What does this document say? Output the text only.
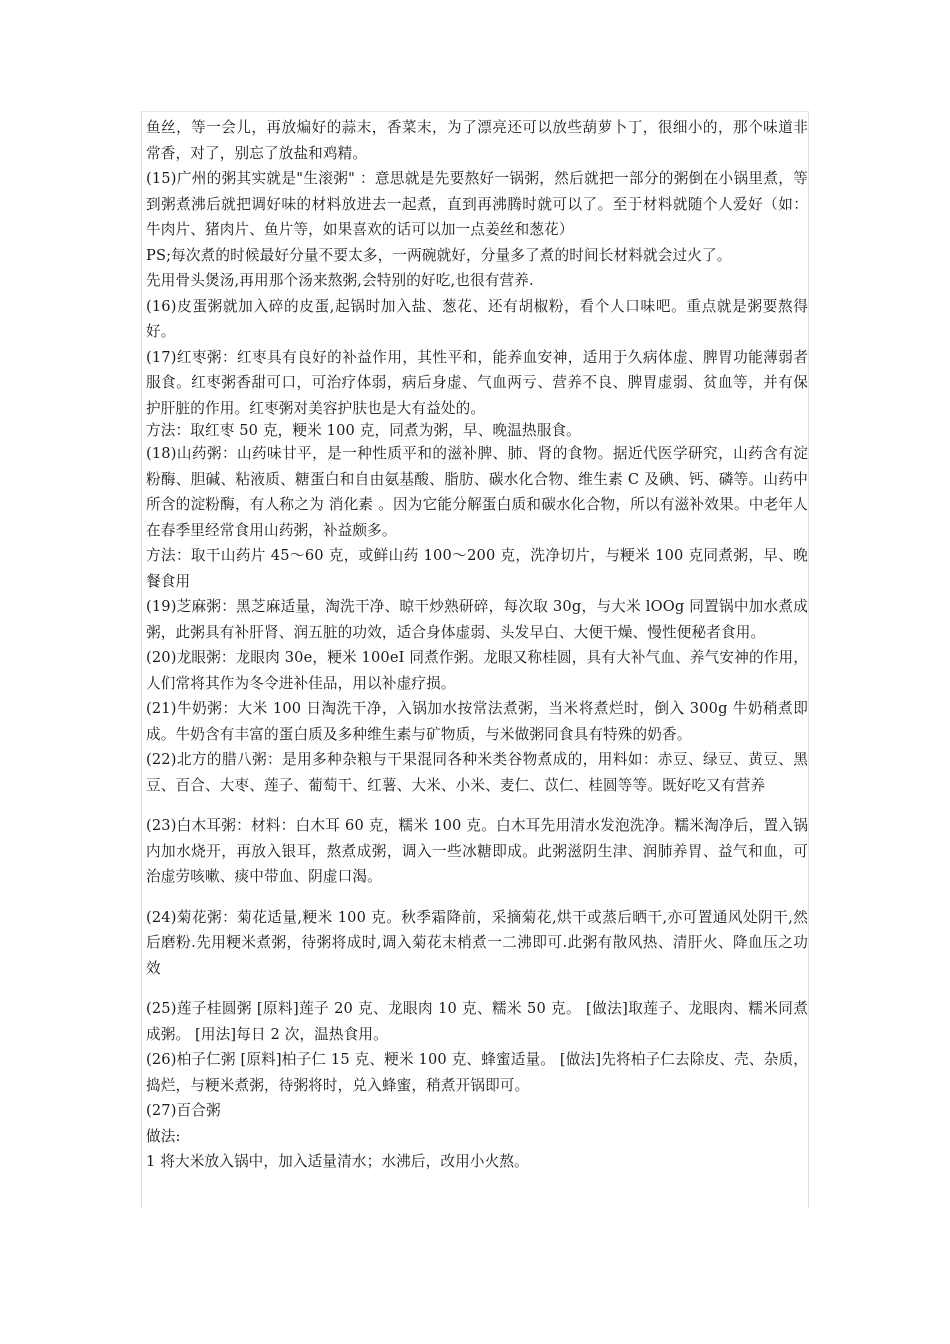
鱼丝，等一会儿，再放煸好的蒜末，香菜末，为了漂亮还可以放些葫萝卜丁，很细小的，那个味道非常香，对了，别忘了放盐和鸡精。

(15)广州的粥其实就是"生滚粥" ：意思就是先要熬好一锅粥，然后就把一部分的粥倒在小锅里煮，等到粥煮沸后就把调好味的材料放进去一起煮，直到再沸腾时就可以了。至于材料就随个人爱好（如：牛肉片、猪肉片、鱼片等，如果喜欢的话可以加一点姜丝和葱花）

PS;每次煮的时候最好分量不要太多，一两碗就好，分量多了煮的时间长材料就会过火了。

先用骨头煲汤,再用那个汤来熬粥,会特别的好吃,也很有营养.

(16)皮蛋粥就加入碎的皮蛋,起锅时加入盐、葱花、还有胡椒粉，看个人口味吧。重点就是粥要熬得好。

(17)红枣粥：红枣具有良好的补益作用，其性平和，能养血安神，适用于久病体虚、脾胃功能薄弱者服食。红枣粥香甜可口，可治疗体弱，病后身虚、气血两亏、营养不良、脾胃虚弱、贫血等，并有保护肝脏的作用。红枣粥对美容护肤也是大有益处的。

方法：取红枣 50 克，粳米 100 克，同煮为粥，早、晚温热服食。

(18)山药粥：山药味甘平，是一种性质平和的滋补脾、肺、肾的食物。据近代医学研究，山药含有淀粉酶、胆碱、粘液质、糖蛋白和自由氨基酸、脂肪、碳水化合物、维生素 C 及碘、钙、磷等。山药中所含的淀粉酶，有人称之为 消化素 。因为它能分解蛋白质和碳水化合物，所以有滋补效果。中老年人在春季里经常食用山药粥，补益颇多。

方法：取干山药片 45～60 克，或鲜山药 100～200 克，洗净切片，与粳米 100 克同煮粥，早、晚餐食用

(19)芝麻粥：黑芝麻适量，淘洗干净、晾干炒熟研碎，每次取 30g，与大米 lOOg 同置锅中加水煮成粥，此粥具有补肝肾、润五脏的功效，适合身体虚弱、头发早白、大便干燥、慢性便秘者食用。

(20)龙眼粥：龙眼肉 30e，粳米 100eI 同煮作粥。龙眼又称桂圆，具有大补气血、养气安神的作用，人们常将其作为冬令进补佳品，用以补虚疗损。

(21)牛奶粥：大米 100 日淘洗干净，入锅加水按常法煮粥，当米将煮烂时，倒入 300g 牛奶稍煮即成。牛奶含有丰富的蛋白质及多种维生素与矿物质，与米做粥同食具有特殊的奶香。

(22)北方的腊八粥：是用多种杂粮与干果混同各种米类谷物煮成的，用料如：赤豆、绿豆、黄豆、黑豆、百合、大枣、莲子、葡萄干、红薯、大米、小米、麦仁、苡仁、桂圆等等。既好吃又有营养

(23)白木耳粥：材料：白木耳 60 克，糯米 100 克。白木耳先用清水发泡洗净。糯米淘净后，置入锅内加水烧开，再放入银耳，熬煮成粥，调入一些冰糖即成。此粥滋阴生津、润肺养胃、益气和血，可治虚劳咳嗽、痰中带血、阴虚口渴。

(24)菊花粥：菊花适量,粳米 100 克。秋季霜降前，采摘菊花,烘干或蒸后晒干,亦可置通风处阴干,然后磨粉.先用粳米煮粥，待粥将成时,调入菊花末梢煮一二沸即可.此粥有散风热、清肝火、降血压之功效

(25)莲子桂圆粥 [原料]莲子 20 克、龙眼肉 10 克、糯米 50 克。 [做法]取莲子、龙眼肉、糯米同煮成粥。 [用法]每日 2 次，温热食用。

(26)柏子仁粥 [原料]柏子仁 15 克、粳米 100 克、蜂蜜适量。 [做法]先将柏子仁去除皮、壳、杂质，捣烂，与粳米煮粥，待粥将时，兑入蜂蜜，稍煮开锅即可。

(27)百合粥

做法:

1 将大米放入锅中，加入适量清水；水沸后，改用小火熬。
